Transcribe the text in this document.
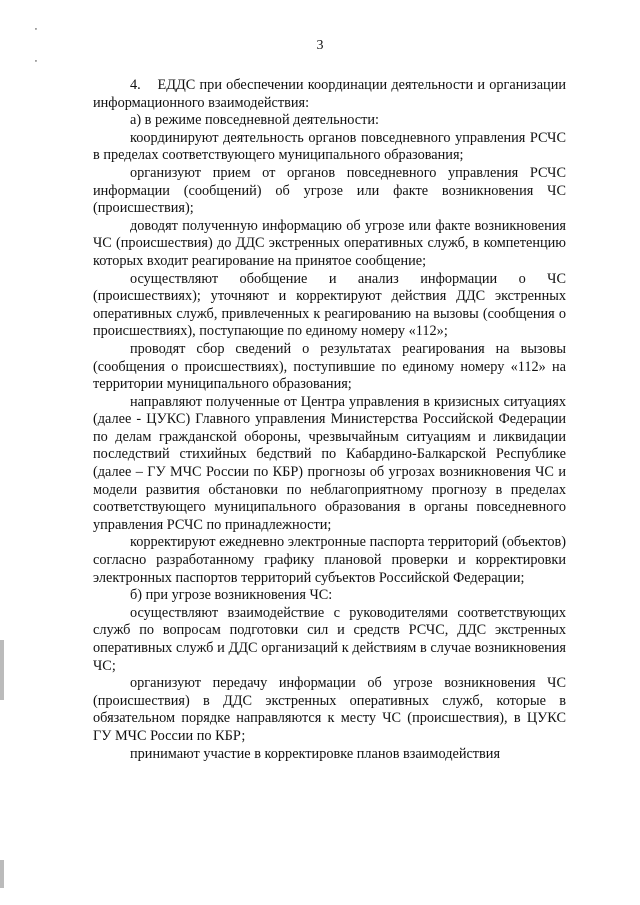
٠
٠
3

4.    ЕДДС при обеспечении координации деятельности и организации информационного взаимодействия:

а) в режиме повседневной деятельности:

координируют деятельность органов повседневного управления РСЧС в пределах соответствующего муниципального образования;

организуют прием от органов повседневного управления РСЧС информации (сообщений) об угрозе или факте возникновения ЧС (происшествия);

доводят полученную информацию об угрозе или факте возникновения ЧС (происшествия) до ДДС экстренных оперативных служб, в компетенцию которых входит реагирование на принятое сообщение;

осуществляют обобщение и анализ информации о ЧС (происшествиях); уточняют и корректируют действия ДДС экстренных оперативных служб, привлеченных к реагированию на вызовы (сообщения о происшествиях), поступающие по единому номеру «112»;

проводят сбор сведений о результатах реагирования на вызовы (сообщения о происшествиях), поступившие по единому номеру «112» на территории муниципального образования;

направляют полученные от Центра управления в кризисных ситуациях (далее - ЦУКС) Главного управления Министерства Российской Федерации по делам гражданской обороны, чрезвычайным ситуациям и ликвидации последствий стихийных бедствий по Кабардино-Балкарской Республике (далее – ГУ МЧС России по КБР) прогнозы об угрозах возникновения ЧС и модели развития обстановки по неблагоприятному прогнозу в пределах соответствующего муниципального образования в органы повседневного управления РСЧС по принадлежности;

корректируют ежедневно электронные паспорта территорий (объектов) согласно разработанному графику плановой проверки и корректировки электронных паспортов территорий субъектов Российской Федерации;

б) при угрозе возникновения ЧС:

осуществляют взаимодействие с руководителями соответствующих служб по вопросам подготовки сил и средств РСЧС, ДДС экстренных оперативных служб и ДДС организаций к действиям в случае возникновения ЧС;

организуют передачу информации об угрозе возникновения ЧС (происшествия) в ДДС экстренных оперативных служб, которые в обязательном порядке направляются к месту ЧС (происшествия), в ЦУКС ГУ МЧС России по КБР;

принимают участие в корректировке планов взаимодействия
